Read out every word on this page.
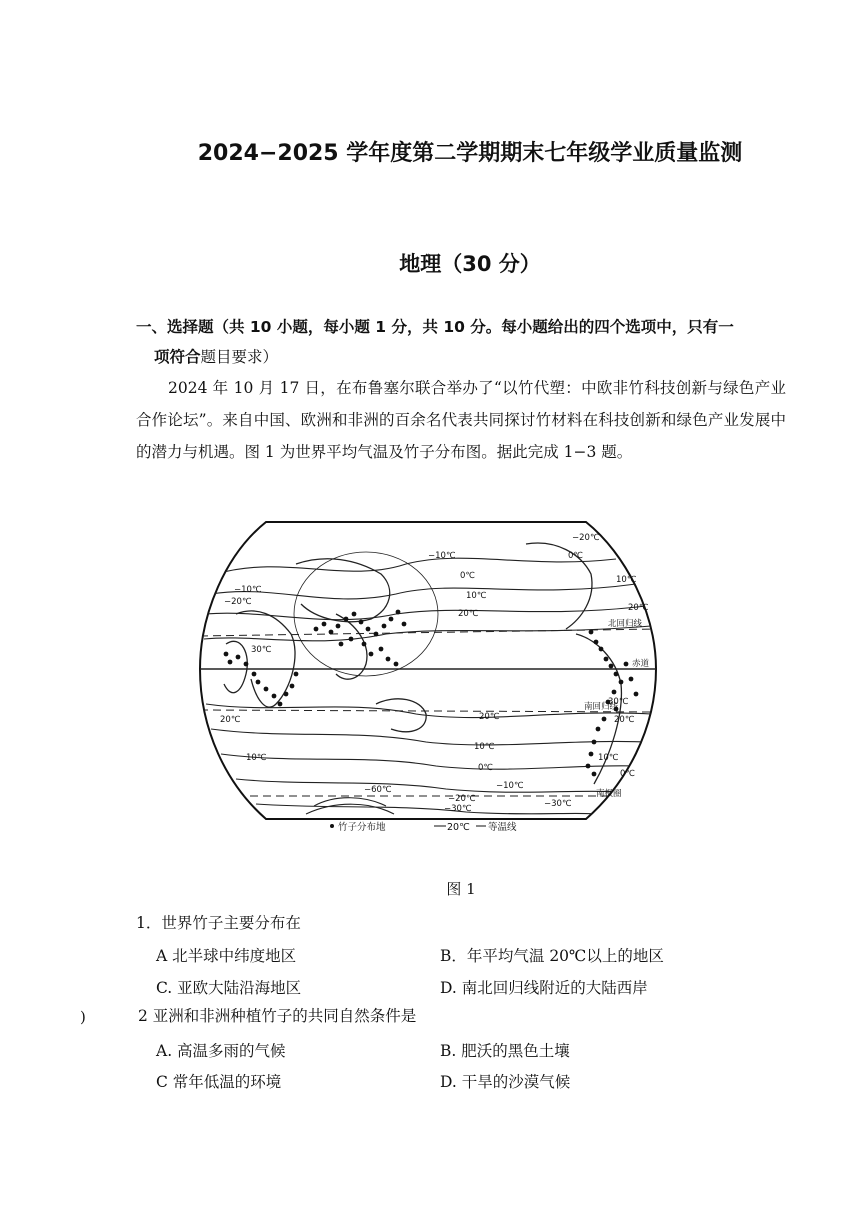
2024−2025 学年度第二学期期末七年级学业质量监测
地理（30 分）
一、选择题（共 10 小题，每小题 1 分，共 10 分。每小题给出的四个选项中，只有一
项符合题目要求）
2024 年 10 月 17 日，在布鲁塞尔联合举办了“以竹代塑：中欧非竹科技创新与绿色产业合作论坛”。来自中国、欧洲和非洲的百余名代表共同探讨竹材料在科技创新和绿色产业发展中的潜力与机遇。图 1 为世界平均气温及竹子分布图。据此完成 1−3 题。
北回归线
赤道
南回归线
南极圈
−20℃
−10℃
0℃
10℃
20℃
30℃
20℃
10℃
0℃
−10℃
−20℃
−30℃
−60℃
20℃
10℃
0℃
20℃
10℃
30℃
20℃
10℃
0℃
−10℃
−20℃
−30℃
竹子分布地	20℃ 等温线
图 1
1．世界竹子主要分布在
A 北半球中纬度地区	B．年平均气温 20℃以上的地区
C. 亚欧大陆沿海地区	D. 南北回归线附近的大陆西岸
)	2 亚洲和非洲种植竹子的共同自然条件是
A. 高温多雨的气候	B. 肥沃的黑色土壤
C 常年低温的环境	D. 干旱的沙漠气候
